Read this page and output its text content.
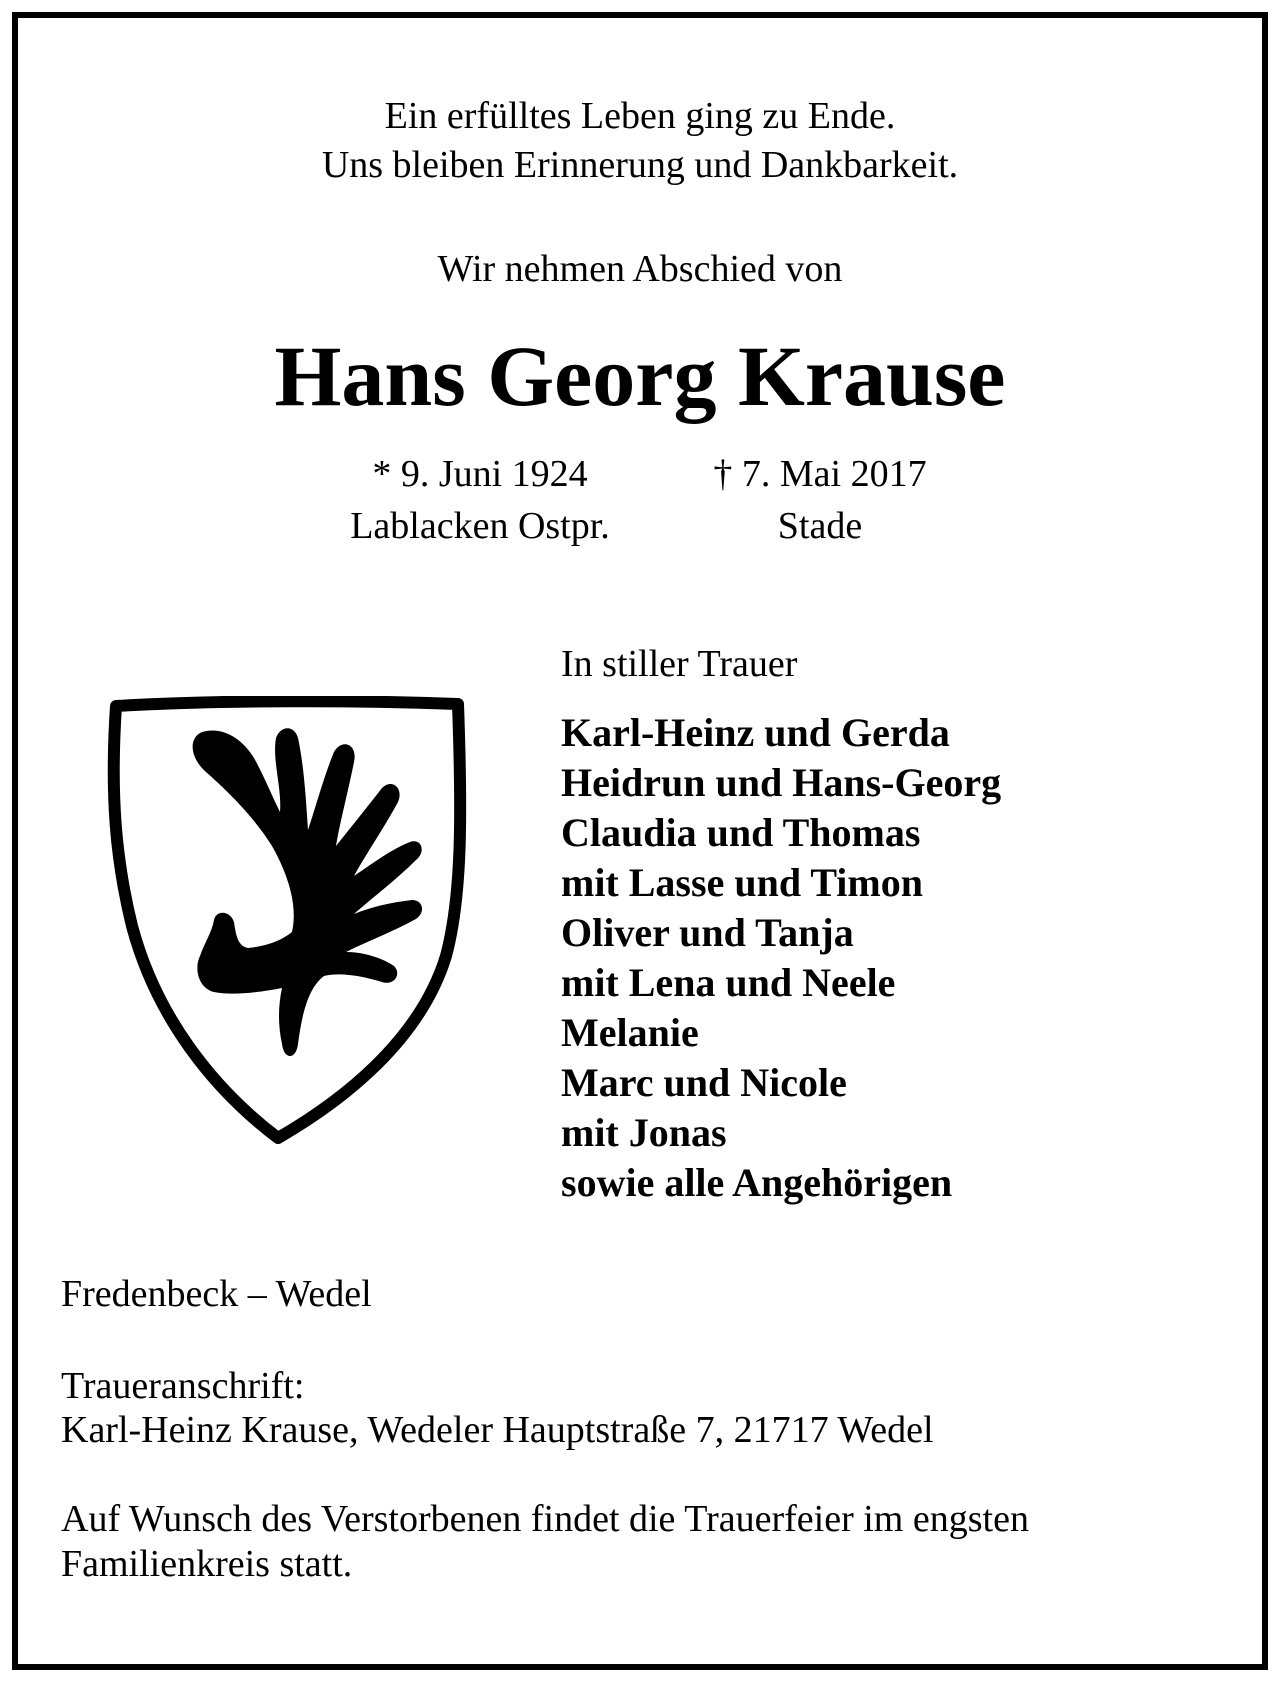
Ein erfülltes Leben ging zu Ende.
Uns bleiben Erinnerung und Dankbarkeit.
Wir nehmen Abschied von
Hans Georg Krause
* 9. Juni 1924
Lablacken Ostpr.
† 7. Mai 2017
Stade
In stiller Trauer
Karl-Heinz und Gerda
Heidrun und Hans-Georg
Claudia und Thomas
mit Lasse und Timon
Oliver und Tanja
mit Lena und Neele
Melanie
Marc und Nicole
mit Jonas
sowie alle Angehörigen
Fredenbeck – Wedel
Traueranschrift:
Karl-Heinz Krause, Wedeler Hauptstraße 7, 21717 Wedel
Auf Wunsch des Verstorbenen findet die Trauerfeier im engsten
Familienkreis statt.
